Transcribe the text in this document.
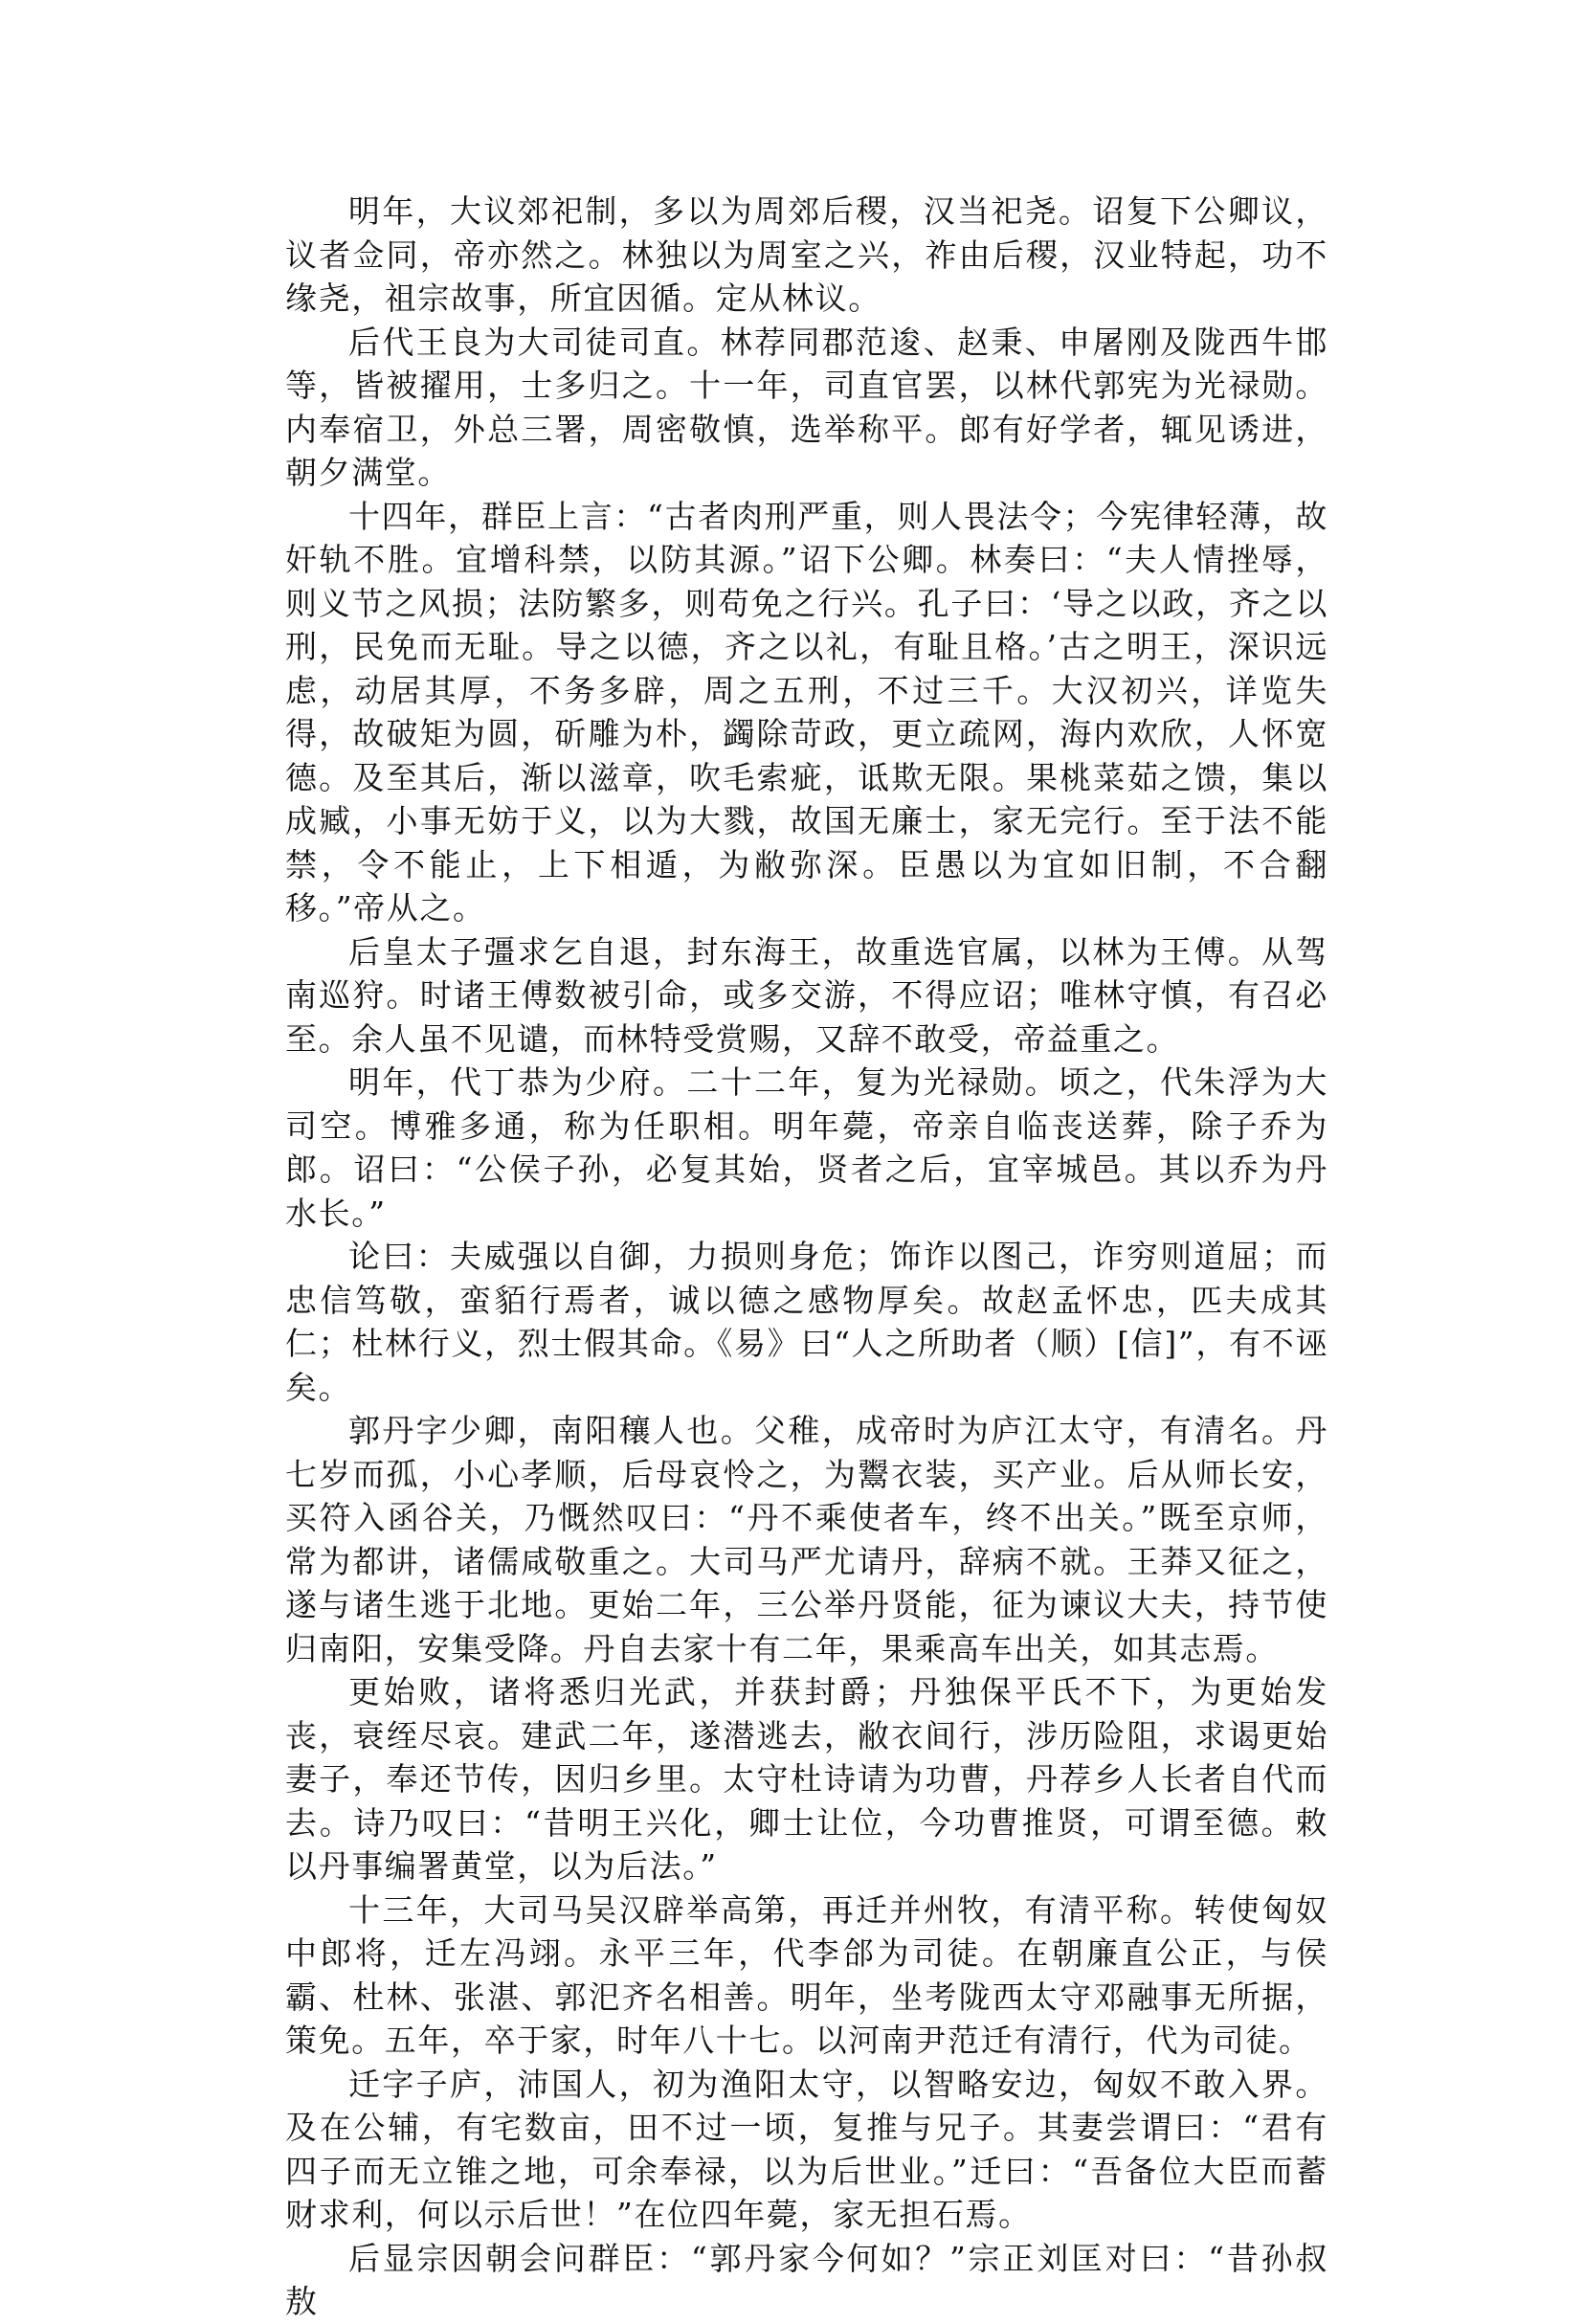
明年，大议郊祀制，多以为周郊后稷，汉当祀尧。诏复下公卿议，议者佥同，帝亦然之。林独以为周室之兴，祚由后稷，汉业特起，功不缘尧，祖宗故事，所宜因循。定从林议。

后代王良为大司徒司直。林荐同郡范逡、赵秉、申屠刚及陇西牛邯等，皆被擢用，士多归之。十一年，司直官罢，以林代郭宪为光禄勋。内奉宿卫，外总三署，周密敬慎，选举称平。郎有好学者，辄见诱进，朝夕满堂。

十四年，群臣上言：“古者肉刑严重，则人畏法令；今宪律轻薄，故奸轨不胜。宜增科禁，以防其源。”诏下公卿。林奏曰：“夫人情挫辱，则义节之风损；法防繁多，则苟免之行兴。孔子曰：‘导之以政，齐之以刑，民免而无耻。导之以德，齐之以礼，有耻且格。’古之明王，深识远虑，动居其厚，不务多辟，周之五刑，不过三千。大汉初兴，详览失得，故破矩为圆，斫雕为朴，蠲除苛政，更立疏网，海内欢欣，人怀宽德。及至其后，渐以滋章，吹毛索疵，诋欺无限。果桃菜茹之馈，集以成臧，小事无妨于义，以为大戮，故国无廉士，家无完行。至于法不能禁，令不能止，上下相遁，为敝弥深。臣愚以为宜如旧制，不合翻移。”帝从之。

后皇太子彊求乞自退，封东海王，故重选官属，以林为王傅。从驾南巡狩。时诸王傅数被引命，或多交游，不得应诏；唯林守慎，有召必至。余人虽不见谴，而林特受赏赐，又辞不敢受，帝益重之。

明年，代丁恭为少府。二十二年，复为光禄勋。顷之，代朱浮为大司空。博雅多通，称为任职相。明年薨，帝亲自临丧送葬，除子乔为郎。诏曰：“公侯子孙，必复其始，贤者之后，宜宰城邑。其以乔为丹水长。”

论曰：夫威强以自御，力损则身危；饰诈以图己，诈穷则道屈；而忠信笃敬，蛮貊行焉者，诚以德之感物厚矣。故赵孟怀忠，匹夫成其仁；杜林行义，烈士假其命。《易》曰“人之所助者（顺）[信]”，有不诬矣。

郭丹字少卿，南阳穰人也。父稚，成帝时为庐江太守，有清名。丹七岁而孤，小心孝顺，后母哀怜之，为鬻衣装，买产业。后从师长安，买符入函谷关，乃慨然叹曰：“丹不乘使者车，终不出关。”既至京师，常为都讲，诸儒咸敬重之。大司马严尤请丹，辞病不就。王莽又征之，遂与诸生逃于北地。更始二年，三公举丹贤能，征为谏议大夫，持节使归南阳，安集受降。丹自去家十有二年，果乘高车出关，如其志焉。

更始败，诸将悉归光武，并获封爵；丹独保平氏不下，为更始发丧，衰绖尽哀。建武二年，遂潜逃去，敝衣间行，涉历险阻，求谒更始妻子，奉还节传，因归乡里。太守杜诗请为功曹，丹荐乡人长者自代而去。诗乃叹曰：“昔明王兴化，卿士让位，今功曹推贤，可谓至德。敕以丹事编署黄堂，以为后法。”

十三年，大司马吴汉辟举高第，再迁并州牧，有清平称。转使匈奴中郎将，迁左冯翊。永平三年，代李郃为司徒。在朝廉直公正，与侯霸、杜林、张湛、郭汜齐名相善。明年，坐考陇西太守邓融事无所据，策免。五年，卒于家，时年八十七。以河南尹范迁有清行，代为司徒。

迁字子庐，沛国人，初为渔阳太守，以智略安边，匈奴不敢入界。及在公辅，有宅数亩，田不过一顷，复推与兄子。其妻尝谓曰：“君有四子而无立锥之地，可余奉禄，以为后世业。”迁曰：“吾备位大臣而蓄财求利，何以示后世！”在位四年薨，家无担石焉。

后显宗因朝会问群臣：“郭丹家今何如？”宗正刘匡对曰：“昔孙叔敖
